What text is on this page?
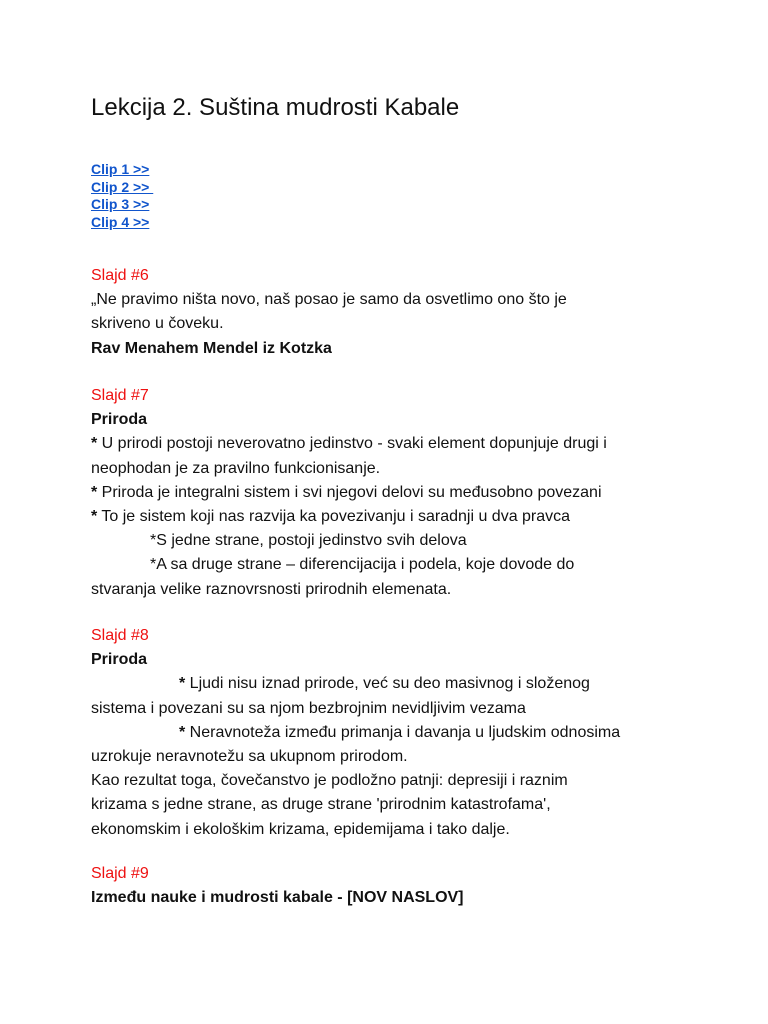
Lekcija 2. Suština mudrosti Kabale
Clip 1 >>
Clip 2 >>
Clip 3 >>
Clip 4 >>
Slajd #6
„Ne pravimo ništa novo, naš posao je samo da osvetlimo ono što je
skriveno u čoveku.
Rav Menahem Mendel iz Kotzka
Slajd #7
Priroda
* U prirodi postoji neverovatno jedinstvo - svaki element dopunjuje drugi i
neophodan je za pravilno funkcionisanje.
* Priroda je integralni sistem i svi njegovi delovi su međusobno povezani
* To je sistem koji nas razvija ka povezivanju i saradnji u dva pravca
*S jedne strane, postoji jedinstvo svih delova
*A sa druge strane – diferencijacija i podela, koje dovode do
stvaranja velike raznovrsnosti prirodnih elemenata.
Slajd #8
Priroda
* Ljudi nisu iznad prirode, već su deo masivnog i složenog
sistema i povezani su sa njom bezbrojnim nevidljivim vezama
* Neravnoteža između primanja i davanja u ljudskim odnosima
uzrokuje neravnotežu sa ukupnom prirodom.
Kao rezultat toga, čovečanstvo je podložno patnji: depresiji i raznim
krizama s jedne strane, as druge strane 'prirodnim katastrofama',
ekonomskim i ekološkim krizama, epidemijama i tako dalje.
Slajd #9
Između nauke i mudrosti kabale - [NOV NASLOV]
